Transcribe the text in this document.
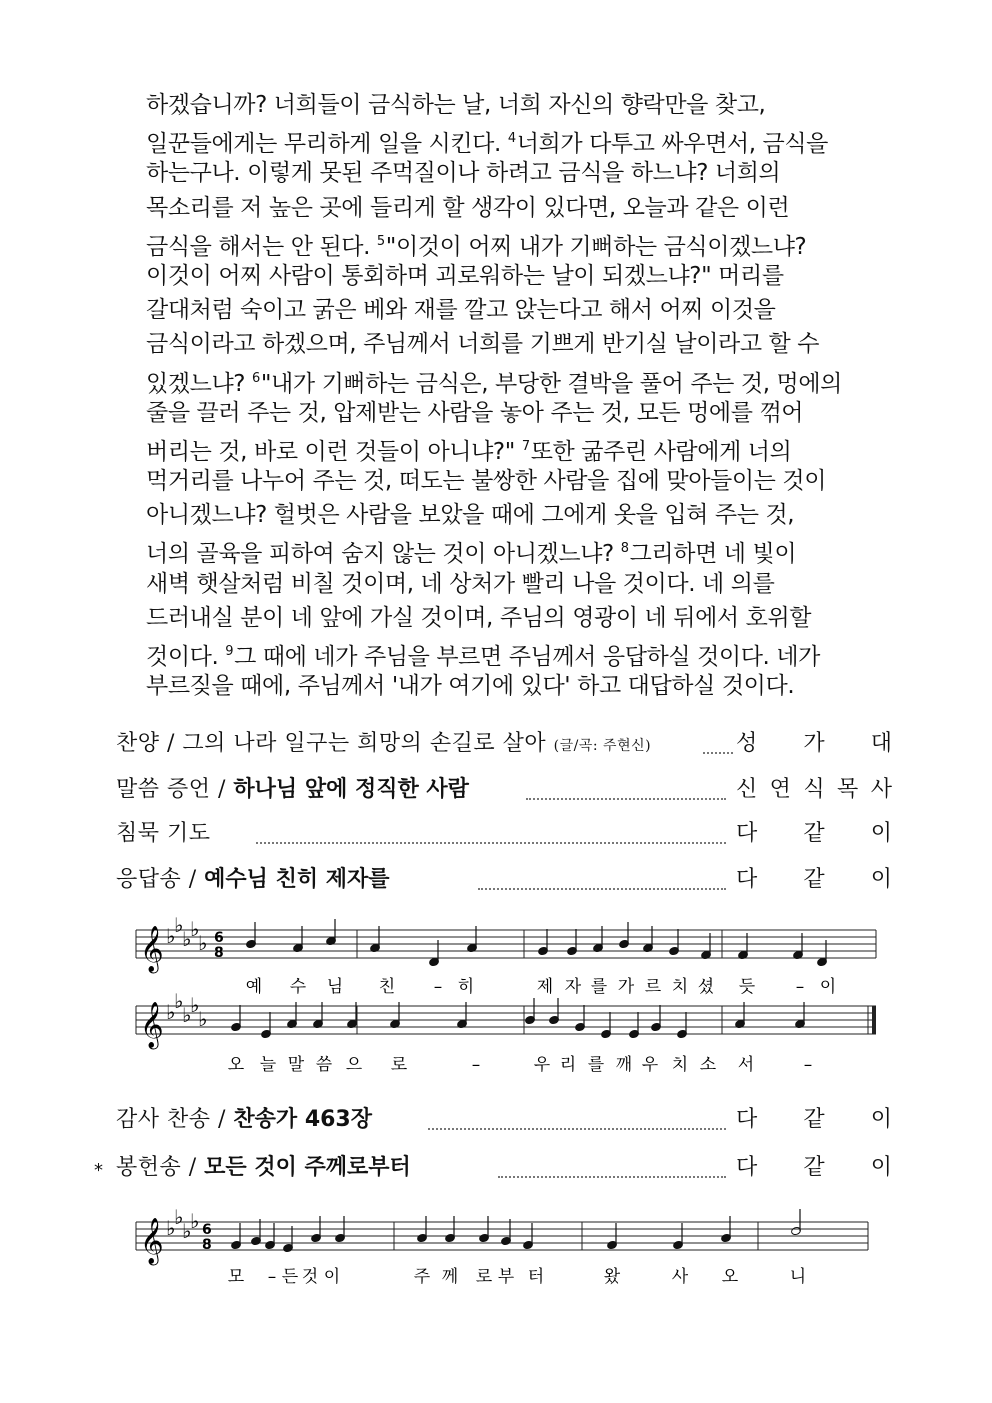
하겠습니까? 너희들이 금식하는 날, 너희 자신의 향락만을 찾고,
일꾼들에게는 무리하게 일을 시킨다. $^4$너희가 다투고 싸우면서, 금식을
하는구나. 이렇게 못된 주먹질이나 하려고 금식을 하느냐? 너희의
목소리를 저 높은 곳에 들리게 할 생각이 있다면, 오늘과 같은 이런
금식을 해서는 안 된다. $^5$"이것이 어찌 내가 기뻐하는 금식이겠느냐?
이것이 어찌 사람이 통회하며 괴로워하는 날이 되겠느냐?" 머리를
갈대처럼 숙이고 굵은 베와 재를 깔고 앉는다고 해서 어찌 이것을
금식이라고 하겠으며, 주님께서 너희를 기쁘게 반기실 날이라고 할 수
있겠느냐? $^6$"내가 기뻐하는 금식은, 부당한 결박을 풀어 주는 것, 멍에의
줄을 끌러 주는 것, 압제받는 사람을 놓아 주는 것, 모든 멍에를 꺾어
버리는 것, 바로 이런 것들이 아니냐?" $^7$또한 굶주린 사람에게 너의
먹거리를 나누어 주는 것, 떠도는 불쌍한 사람을 집에 맞아들이는 것이
아니겠느냐? 헐벗은 사람을 보았을 때에 그에게 옷을 입혀 주는 것,
너의 골육을 피하여 숨지 않는 것이 아니겠느냐? $^8$그리하면 네 빛이
새벽 햇살처럼 비칠 것이며, 네 상처가 빨리 나을 것이다. 네 의를
드러내실 분이 네 앞에 가실 것이며, 주님의 영광이 네 뒤에서 호위할
것이다. $^9$그 때에 네가 주님을 부르면 주님께서 응답하실 것이다. 네가
부르짖을 때에, 주님께서 '내가 여기에 있다' 하고 대답하실 것이다.
찬양 / 그의 나라 일구는 희망의 손길로 살아 (글/곡: 주현신)	성 가 대
말씀 증언 / 하나님 앞에 정직한 사람	신 연 식 목 사
침묵 기도	다 같 이
응답송 / 예수님 친히 제자를	다 같 이
𝄞 ♭
♭
♭
♭
♭ 6
8
예 수 님 친 – 히	제 자 를 가 르 치 셨 듯 – 이
𝄞 ♭
♭
♭
♭
♭
오 늘 말 씀 으 로	–	우 리 를 깨 우 치 소 서	–
감사 찬송 / 찬송가 463장	다 같 이
* 봉헌송 / 모든 것이 주께로부터	다 같 이
𝄞 ♭
♭
♭
♭ 6
8
모 – 든 것 이	주 께 로 부 터	왔	사 오	니
